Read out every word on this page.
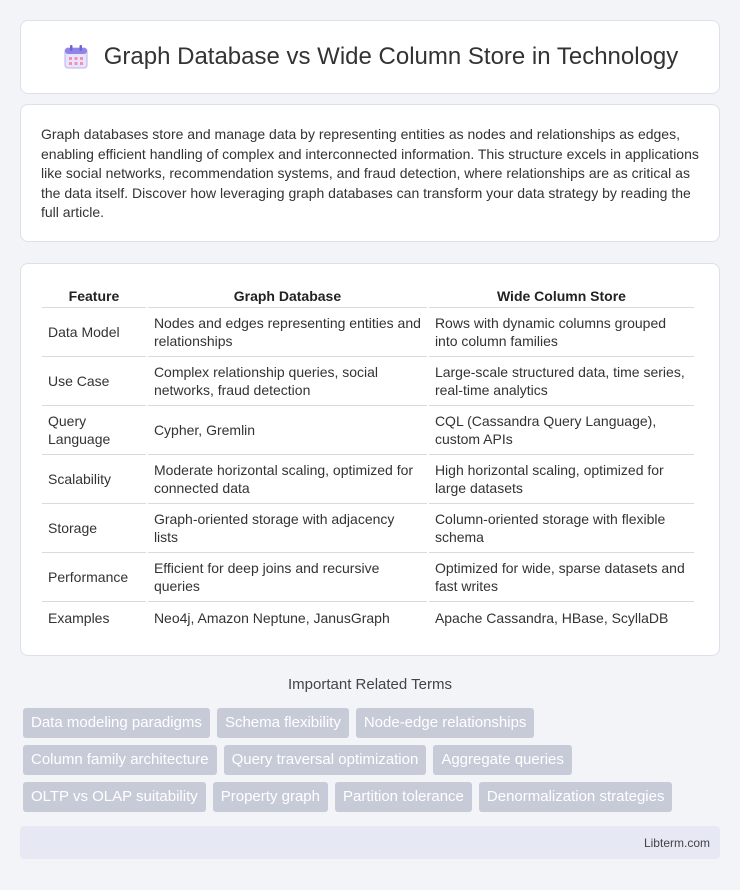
Graph Database vs Wide Column Store in Technology

Graph databases store and manage data by representing entities as nodes and relationships as edges, enabling efficient handling of complex and interconnected information. This structure excels in applications like social networks, recommendation systems, and fraud detection, where relationships are as critical as the data itself. Discover how leveraging graph databases can transform your data strategy by reading the full article.

Feature	Graph Database	Wide Column Store
Data Model	Nodes and edges representing entities and relationships	Rows with dynamic columns grouped into column families
Use Case	Complex relationship queries, social networks, fraud detection	Large-scale structured data, time series, real-time analytics
Query Language	Cypher, Gremlin	CQL (Cassandra Query Language), custom APIs
Scalability	Moderate horizontal scaling, optimized for connected data	High horizontal scaling, optimized for large datasets
Storage	Graph-oriented storage with adjacency lists	Column-oriented storage with flexible schema
Performance	Efficient for deep joins and recursive queries	Optimized for wide, sparse datasets and fast writes
Examples	Neo4j, Amazon Neptune, JanusGraph	Apache Cassandra, HBase, ScyllaDB
Important Related Terms
Data modeling paradigms	Schema flexibility	Node-edge relationships
Column family architecture	Query traversal optimization	Aggregate queries
OLTP vs OLAP suitability	Property graph	Partition tolerance	Denormalization strategies
Libterm.com
